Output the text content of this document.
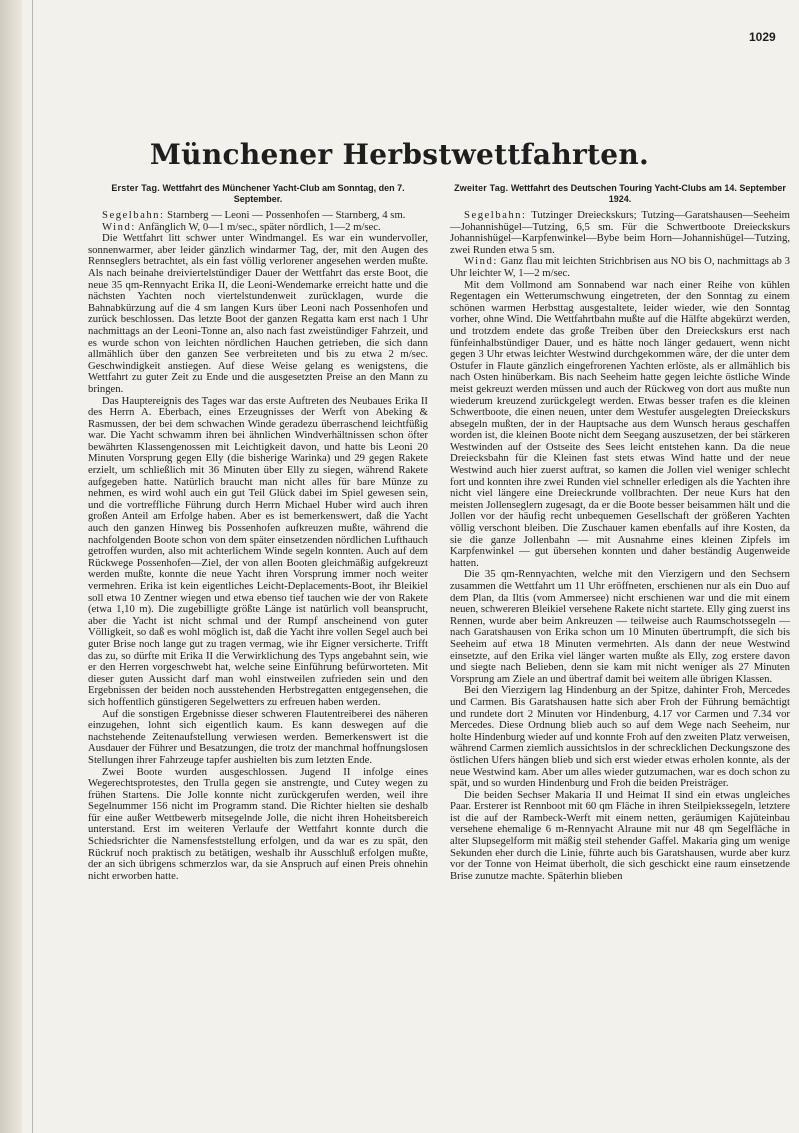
1029
Münchener Herbstwettfahrten.
Erster Tag. Wettfahrt des Münchener Yacht-Club am Sonntag, den 7. September.

Segelbahn: Starnberg — Leoni — Possenhofen — Starnberg, 4 sm.

Wind: Anfänglich W, 0—1 m/sec., später nördlich, 1—2 m/sec.

Die Wettfahrt litt schwer unter Windmangel. Es war ein wundervoller, sonnenwarmer, aber leider gänzlich windarmer Tag, der, mit den Augen des Rennseglers betrachtet, als ein fast völlig verlorener angesehen werden mußte. Als nach beinahe dreiviertelstündiger Dauer der Wettfahrt das erste Boot, die neue 35 qm-Rennyacht Erika II, die Leoni-Wendemarke erreicht hatte und die nächsten Yachten noch viertelstundenweit zurücklagen, wurde die Bahnabkürzung auf die 4 sm langen Kurs über Leoni nach Possenhofen und zurück beschlossen. Das letzte Boot der ganzen Regatta kam erst nach 1 Uhr nachmittags an der Leoni-Tonne an, also nach fast zweistündiger Fahrzeit, und es wurde schon von leichten nördlichen Hauchen getrieben, die sich dann allmählich über den ganzen See verbreiteten und bis zu etwa 2 m/sec. Geschwindigkeit anstiegen. Auf diese Weise gelang es wenigstens, die Wettfahrt zu guter Zeit zu Ende und die ausgesetzten Preise an den Mann zu bringen.

Das Hauptereignis des Tages war das erste Auftreten des Neubaues Erika II des Herrn A. Eberbach, eines Erzeugnisses der Werft von Abeking & Rasmussen, der bei dem schwachen Winde geradezu überraschend leichtfüßig war. Die Yacht schwamm ihren bei ähnlichen Windverhältnissen schon öfter bewährten Klassengenossen mit Leichtigkeit davon, und hatte bis Leoni 20 Minuten Vorsprung gegen Elly (die bisherige Warinka) und 29 gegen Rakete erzielt, um schließlich mit 36 Minuten über Elly zu siegen, während Rakete aufgegeben hatte. Natürlich braucht man nicht alles für bare Münze zu nehmen, es wird wohl auch ein gut Teil Glück dabei im Spiel gewesen sein, und die vortreffliche Führung durch Herrn Michael Huber wird auch ihren großen Anteil am Erfolge haben. Aber es ist bemerkenswert, daß die Yacht auch den ganzen Hinweg bis Possenhofen aufkreuzen mußte, während die nachfolgenden Boote schon von dem später einsetzenden nördlichen Lufthauch getroffen wurden, also mit achterlichem Winde segeln konnten. Auch auf dem Rückwege Possenhofen—Ziel, der von allen Booten gleichmäßig aufgekreuzt werden mußte, konnte die neue Yacht ihren Vorsprung immer noch weiter vermehren. Erika ist kein eigentliches Leicht-Deplacements-Boot, ihr Bleikiel soll etwa 10 Zentner wiegen und etwa ebenso tief tauchen wie der von Rakete (etwa 1,10 m). Die zugebilligte größte Länge ist natürlich voll beansprucht, aber die Yacht ist nicht schmal und der Rumpf anscheinend von guter Völligkeit, so daß es wohl möglich ist, daß die Yacht ihre vollen Segel auch bei guter Brise noch lange gut zu tragen vermag, wie ihr Eigner versicherte. Trifft das zu, so dürfte mit Erika II die Verwirklichung des Typs angebahnt sein, wie er den Herren vorgeschwebt hat, welche seine Einführung befürworteten. Mit dieser guten Aussicht darf man wohl einstweilen zufrieden sein und den Ergebnissen der beiden noch ausstehenden Herbstregatten entgegensehen, die sich hoffentlich günstigeren Segelwetters zu erfreuen haben werden.

Auf die sonstigen Ergebnisse dieser schweren Flautentreiberei des näheren einzugehen, lohnt sich eigentlich kaum. Es kann deswegen auf die nachstehende Zeitenaufstellung verwiesen werden. Bemerkenswert ist die Ausdauer der Führer und Besatzungen, die trotz der manchmal hoffnungslosen Stellungen ihrer Fahrzeuge tapfer aushielten bis zum letzten Ende.

Zwei Boote wurden ausgeschlossen. Jugend II infolge eines Wegerechtsprotestes, den Trulla gegen sie anstrengte, und Cutey wegen zu frühen Startens. Die Jolle konnte nicht zurückgerufen werden, weil ihre Segelnummer 156 nicht im Programm stand. Die Richter hielten sie deshalb für eine außer Wettbewerb mitsegelnde Jolle, die nicht ihren Hoheitsbereich unterstand. Erst im weiteren Verlaufe der Wettfahrt konnte durch die Schiedsrichter die Namensfeststellung erfolgen, und da war es zu spät, den Rückruf noch praktisch zu betätigen, weshalb ihr Ausschluß erfolgen mußte, der an sich übrigens schmerzlos war, da sie Anspruch auf einen Preis ohnehin nicht erworben hatte.

Zweiter Tag. Wettfahrt des Deutschen Touring Yacht-Clubs am 14. September 1924.

Segelbahn: Tutzinger Dreieckskurs; Tutzing—Garatshausen—Seeheim—Johannishügel—Tutzing, 6,5 sm. Für die Schwertboote Dreieckskurs Johannishügel—Karpfenwinkel—Bybe beim Horn—Johannishügel—Tutzing, zwei Runden etwa 5 sm.

Wind: Ganz flau mit leichten Strichbrisen aus NO bis O, nachmittags ab 3 Uhr leichter W, 1—2 m/sec.

Mit dem Vollmond am Sonnabend war nach einer Reihe von kühlen Regentagen ein Wetterumschwung eingetreten, der den Sonntag zu einem schönen warmen Herbsttag ausgestaltete, leider wieder, wie den Sonntag vorher, ohne Wind. Die Wettfahrtbahn mußte auf die Hälfte abgekürzt werden, und trotzdem endete das große Treiben über den Dreieckskurs erst nach fünfeinhalbstündiger Dauer, und es hätte noch länger gedauert, wenn nicht gegen 3 Uhr etwas leichter Westwind durchgekommen wäre, der die unter dem Ostufer in Flaute gänzlich eingefrorenen Yachten erlöste, als er allmählich bis nach Osten hinüberkam. Bis nach Seeheim hatte gegen leichte östliche Winde meist gekreuzt werden müssen und auch der Rückweg von dort aus mußte nun wiederum kreuzend zurückgelegt werden. Etwas besser trafen es die kleinen Schwertboote, die einen neuen, unter dem Westufer ausgelegten Dreieckskurs absegeln mußten, der in der Hauptsache aus dem Wunsch heraus geschaffen worden ist, die kleinen Boote nicht dem Seegang auszusetzen, der bei stärkeren Westwinden auf der Ostseite des Sees leicht entstehen kann. Da die neue Dreiecksbahn für die Kleinen fast stets etwas Wind hatte und der neue Westwind auch hier zuerst auftrat, so kamen die Jollen viel weniger schlecht fort und konnten ihre zwei Runden viel schneller erledigen als die Yachten ihre nicht viel längere eine Dreieckrunde vollbrachten. Der neue Kurs hat den meisten Jollenseglern zugesagt, da er die Boote besser beisammen hält und die Jollen vor der häufig recht unbequemen Gesellschaft der größeren Yachten völlig verschont bleiben. Die Zuschauer kamen ebenfalls auf ihre Kosten, da sie die ganze Jollenbahn — mit Ausnahme eines kleinen Zipfels im Karpfenwinkel — gut übersehen konnten und daher beständig Augenweide hatten.

Die 35 qm-Rennyachten, welche mit den Vierzigern und den Sechsern zusammen die Wettfahrt um 11 Uhr eröffneten, erschienen nur als ein Duo auf dem Plan, da Iltis (vom Ammersee) nicht erschienen war und die mit einem neuen, schwereren Bleikiel versehene Rakete nicht startete. Elly ging zuerst ins Rennen, wurde aber beim Ankreuzen — teilweise auch Raumschotssegeln — nach Garatshausen von Erika schon um 10 Minuten übertrumpft, die sich bis Seeheim auf etwa 18 Minuten vermehrten. Als dann der neue Westwind einsetzte, auf den Erika viel länger warten mußte als Elly, zog erstere davon und siegte nach Belieben, denn sie kam mit nicht weniger als 27 Minuten Vorsprung am Ziele an und übertraf damit bei weitem alle übrigen Klassen.

Bei den Vierzigern lag Hindenburg an der Spitze, dahinter Froh, Mercedes und Carmen. Bis Garatshausen hatte sich aber Froh der Führung bemächtigt und rundete dort 2 Minuten vor Hindenburg, 4.17 vor Carmen und 7.34 vor Mercedes. Diese Ordnung blieb auch so auf dem Wege nach Seeheim, nur holte Hindenburg wieder auf und konnte Froh auf den zweiten Platz verweisen, während Carmen ziemlich aussichtslos in der schrecklichen Deckungszone des östlichen Ufers hängen blieb und sich erst wieder etwas erholen konnte, als der neue Westwind kam. Aber um alles wieder gutzumachen, war es doch schon zu spät, und so wurden Hindenburg und Froh die beiden Preisträger.

Die beiden Sechser Makaria II und Heimat II sind ein etwas ungleiches Paar. Ersterer ist Rennboot mit 60 qm Fläche in ihren Steilpiekssegeln, letztere ist die auf der Rambeck-Werft mit einem netten, geräumigen Kajüteinbau versehene ehemalige 6 m-Rennyacht Alraune mit nur 48 qm Segelfläche in alter Slupsegelform mit mäßig steil stehender Gaffel. Makaria ging um wenige Sekunden eher durch die Linie, führte auch bis Garatshausen, wurde aber kurz vor der Tonne von Heimat überholt, die sich geschickt eine raum einsetzende Brise zunutze machte. Späterhin blieben
